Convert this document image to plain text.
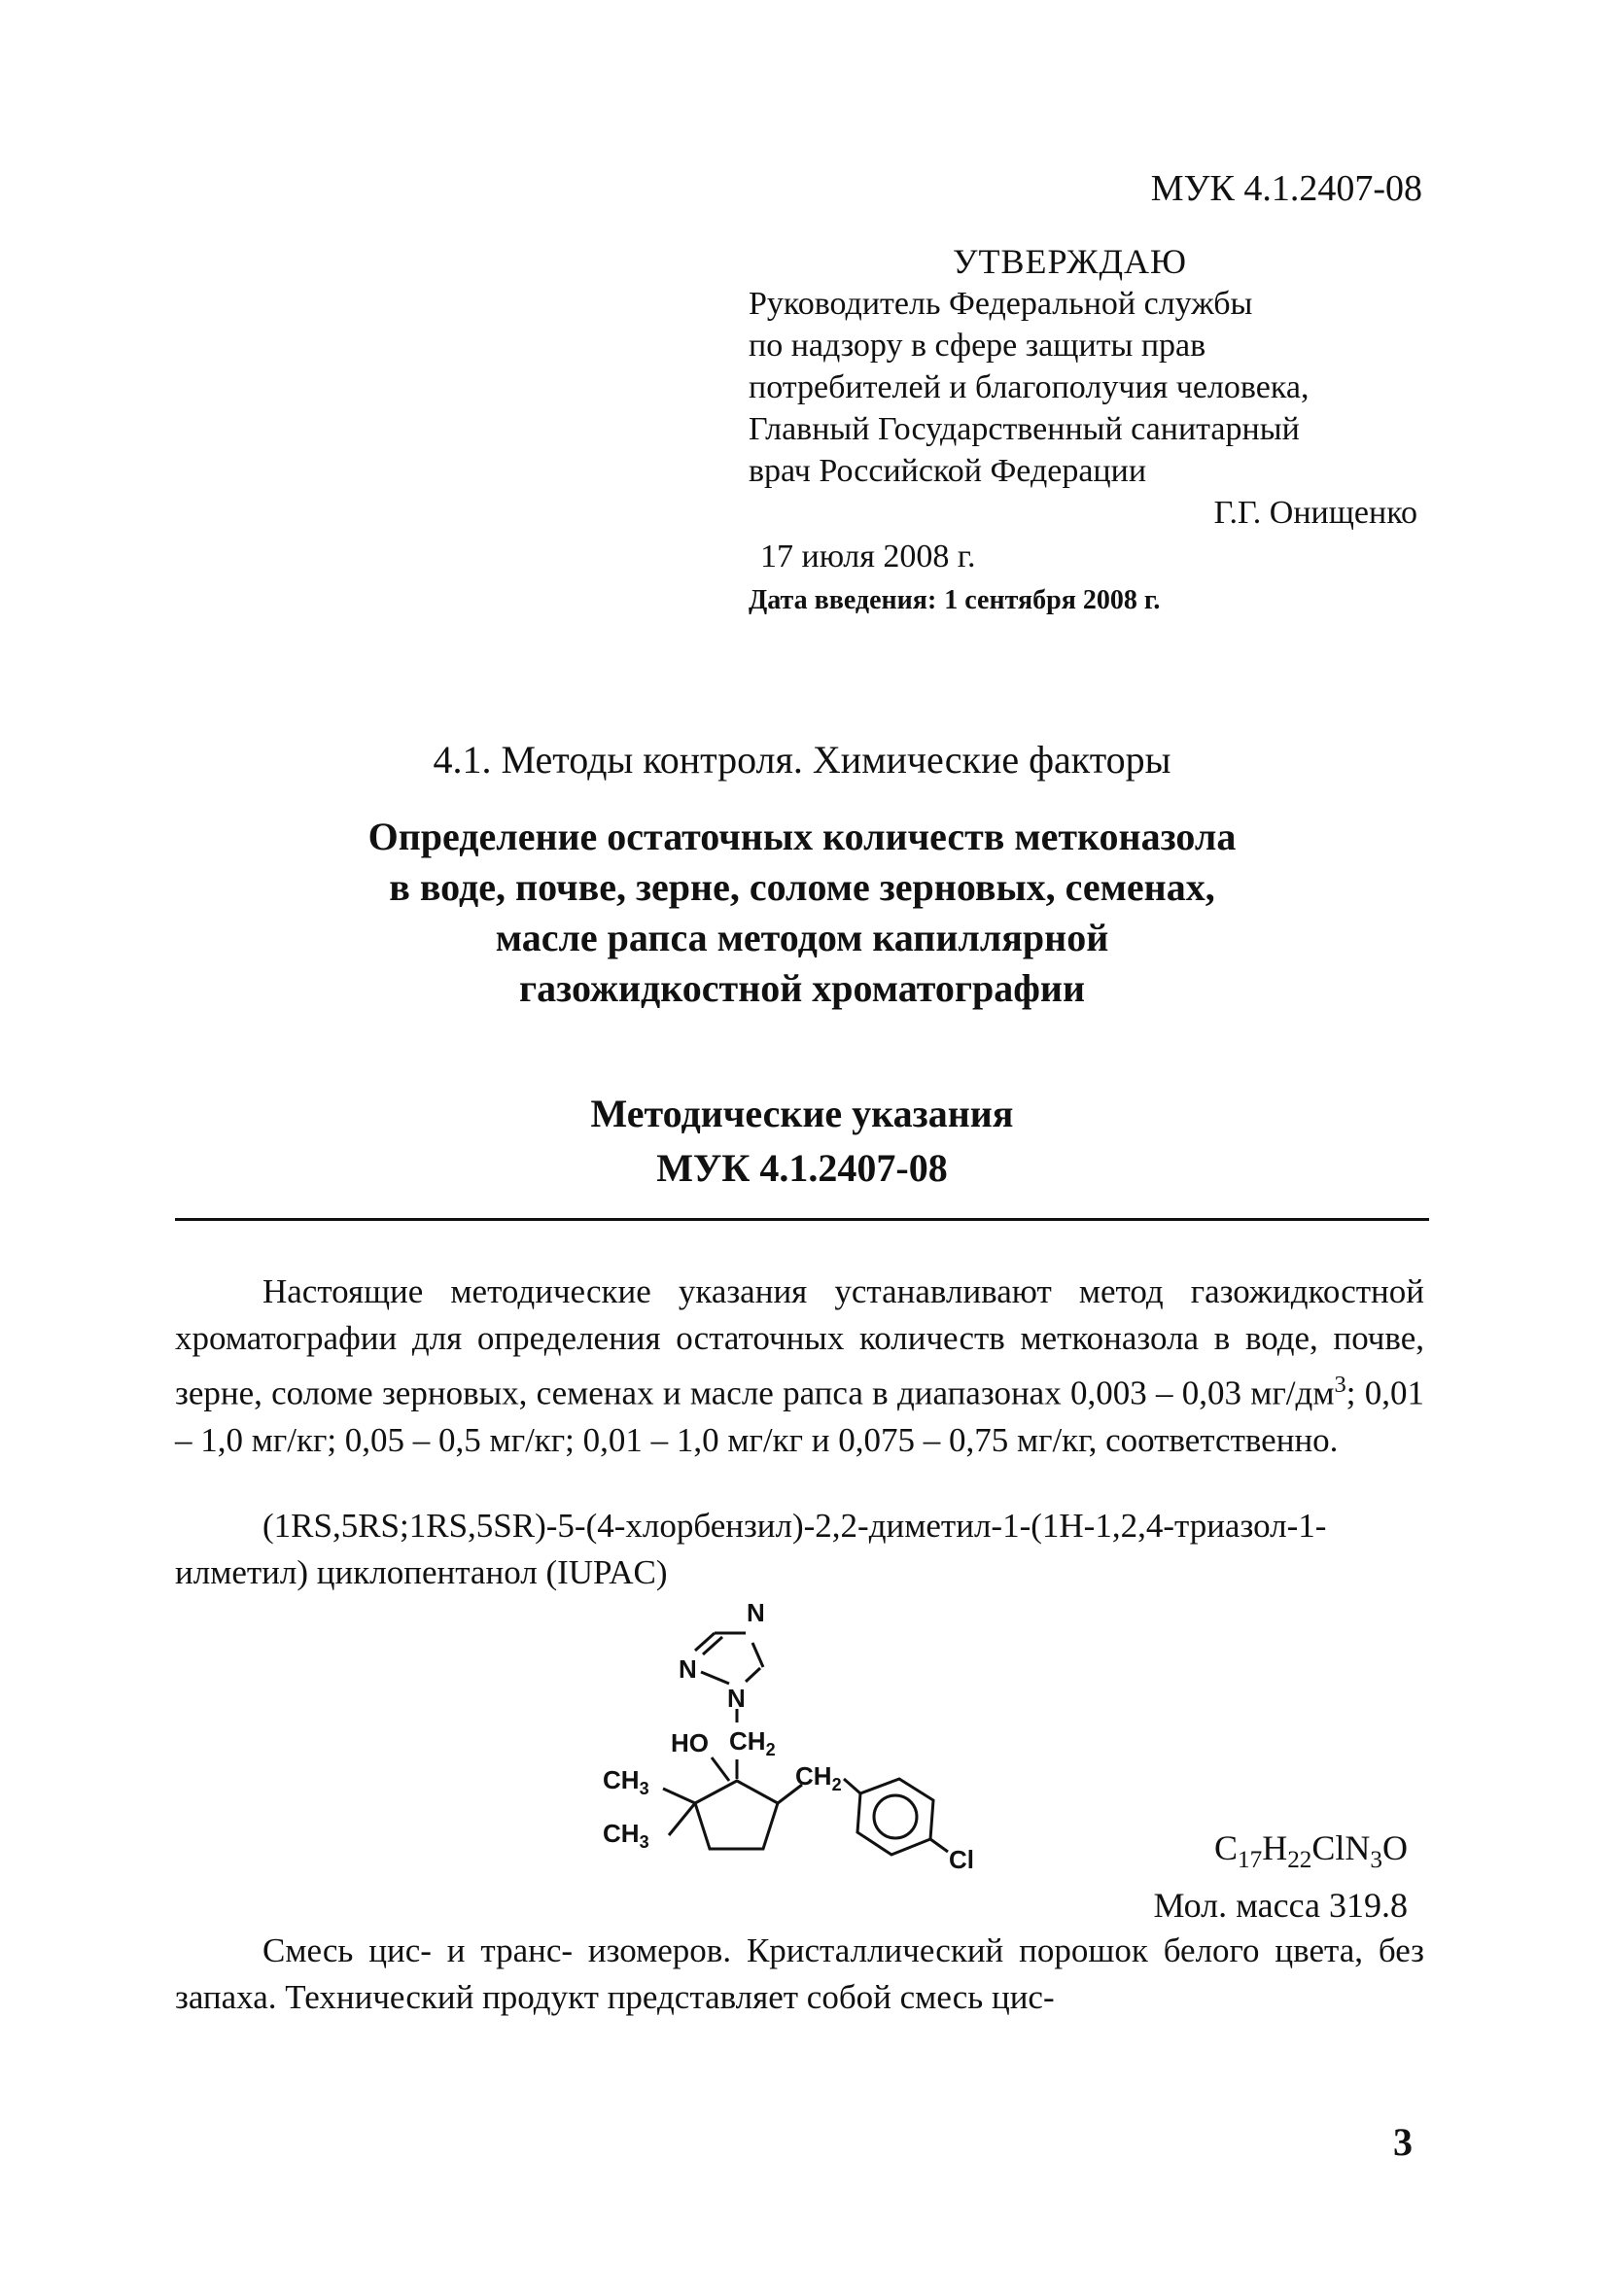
МУК 4.1.2407-08
УТВЕРЖДАЮ
Руководитель Федеральной службы
по надзору в сфере защиты прав
потребителей и благополучия человека,
Главный Государственный санитарный
врач Российской Федерации
Г.Г. Онищенко
17 июля 2008 г.
Дата введения: 1 сентября 2008 г.
4.1. Методы контроля. Химические факторы
Определение остаточных количеств метконазола
в воде, почве, зерне, соломе зерновых, семенах,
масле рапса методом капиллярной
газожидкостной хроматографии
Методические указания
МУК 4.1.2407-08
Настоящие методические указания устанавливают метод газожидкостной хроматографии для определения остаточных количеств метконазола в воде, почве, зерне, соломе зерновых, семенах и масле рапса в диапазонах 0,003 – 0,03 $мг/дм^3$; 0,01 – 1,0 мг/кг; 0,05 – 0,5 мг/кг; 0,01 – 1,0 мг/кг и 0,075 – 0,75 мг/кг, соответственно.
(1RS,5RS;1RS,5SR)-5-(4-хлорбензил)-2,2-диметил-1-(1H-1,2,4-триазол-1-илметил) циклопентанол (IUPAC)
N
N
N
HO $CH_2$
$CH_3$
$CH_3$
$CH_2$
Cl	$C_{17}H_{22}ClN_3O$
Мол. масса 319.8
Смесь цис- и транс- изомеров. Кристаллический порошок белого цвета, без запаха. Технический продукт представляет собой смесь цис-
3
